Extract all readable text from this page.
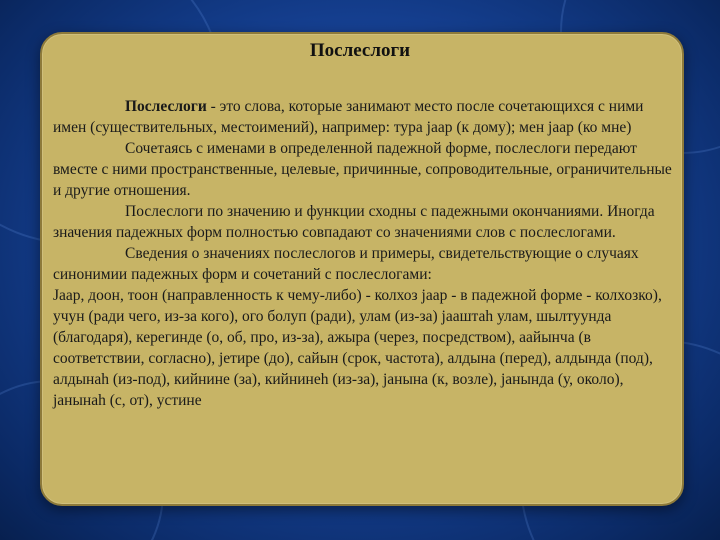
Послеслоги

Послеслоги - это слова, которые занимают место после сочетающихся с ними имен (существительных, местоимений), например: тура јаар (к дому); мен јаар (ко мне)

Сочетаясь с именами в определенной падежной форме, послеслоги передают вместе с ними пространственные, целевые, причинные, сопроводительные, ограничительные и другие отношения.

Послеслоги по значению и функции сходны с падежными окончаниями. Иногда значения падежных форм полностью совпадают со значениями слов с послеслогами.

Сведения о значениях послеслогов и примеры, свидетельствующие о случаях синонимии падежных форм и сочетаний с послеслогами:

Јаар, доон, тоон (направленность к чему-либо) - колхоз јаар - в падежной форме - колхозко), учун (ради чего, из-за кого), ого болуп (ради), улам (из-за) јааштаһ улам, шылтуунда (благодаря), керегинде (о, об, про, из-за), ажыра (через, посредством), аайынча (в соответствии, согласно), јетире (до), сайын (срок, частота), алдына (перед), алдында (под), алдынаһ (из-под), кийнине (за), кийнинеһ (из-за), јанына (к, возле), јанында (у, около), јанынаһ (с, от), устине
